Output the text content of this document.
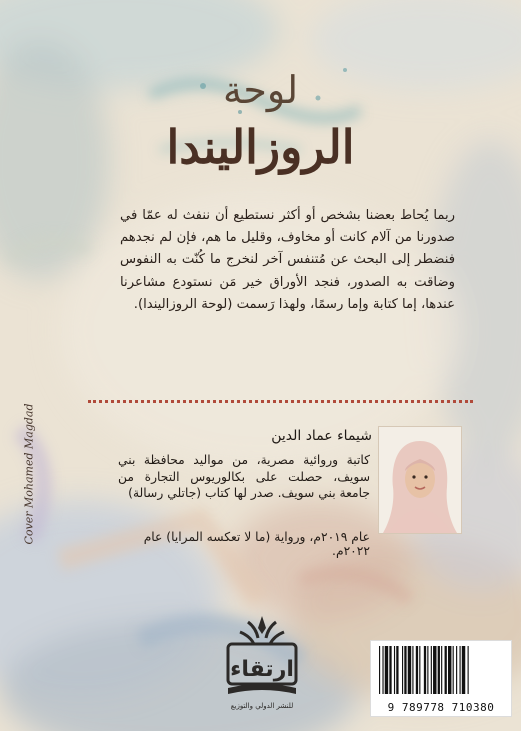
لوحة
الروزاليندا
ربما يُحاط بعضنا بشخص أو أكثر نستطيع أن ننفث له عمّا في صدورنا من آلام كانت أو مخاوف، وقليل ما هم، فإن لم نجدهم فنضطر إلى البحث عن مُتنفس آخر لنخرج ما كُنّت به النفوس وضاقت به الصدور، فنجد الأوراق خير مَن نستودع مشاعرنا عندها، إما كتابة وإما رسمًا، ولهذا رَسمت (لوحة الروزاليندا).
Cover Mohamed Magdad	شيماء عماد الدين
كاتبة وروائية مصرية، من مواليد محافظة بني سويف، حصلت على بكالوريوس التجارة من جامعة بني سويف. صدر لها كتاب (جاتلي رسالة)
عام ٢٠١٩م، ورواية (ما لا تعكسه المرايا) عام ٢٠٢٢م.
ارتقاء
للنشر الدولي والتوزيع	9 789778 710380
